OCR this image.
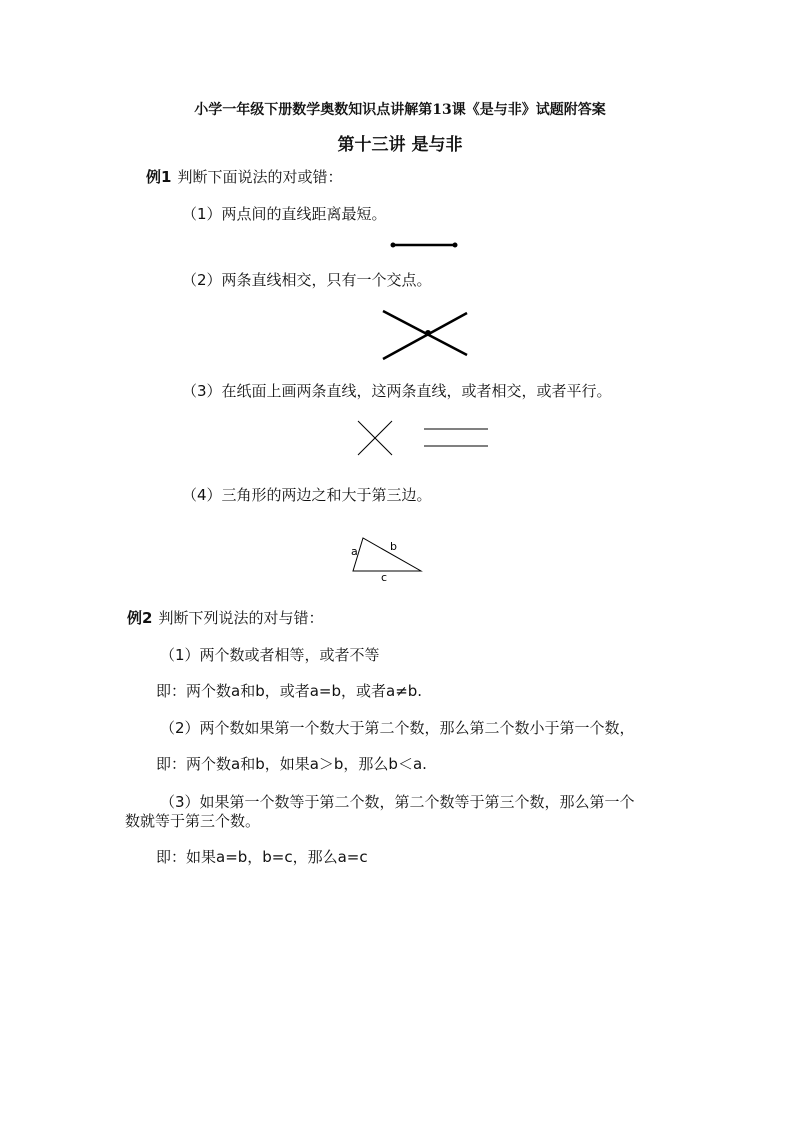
小学一年级下册数学奥数知识点讲解第13课《是与非》试题附答案
第十三讲 是与非
例1 判断下面说法的对或错：
（1）两点间的直线距离最短。
（2）两条直线相交，只有一个交点。
（3）在纸面上画两条直线，这两条直线，或者相交，或者平行。
（4）三角形的两边之和大于第三边。
a	b
c
例2 判断下列说法的对与错：
（1）两个数或者相等，或者不等
即：两个数a和b，或者a=b，或者a≠b.
（2）两个数如果第一个数大于第二个数，那么第二个数小于第一个数，
即：两个数a和b，如果a＞b，那么b＜a.
（3）如果第一个数等于第二个数，第二个数等于第三个数，那么第一个
数就等于第三个数。
即：如果a=b，b=c，那么a=c
